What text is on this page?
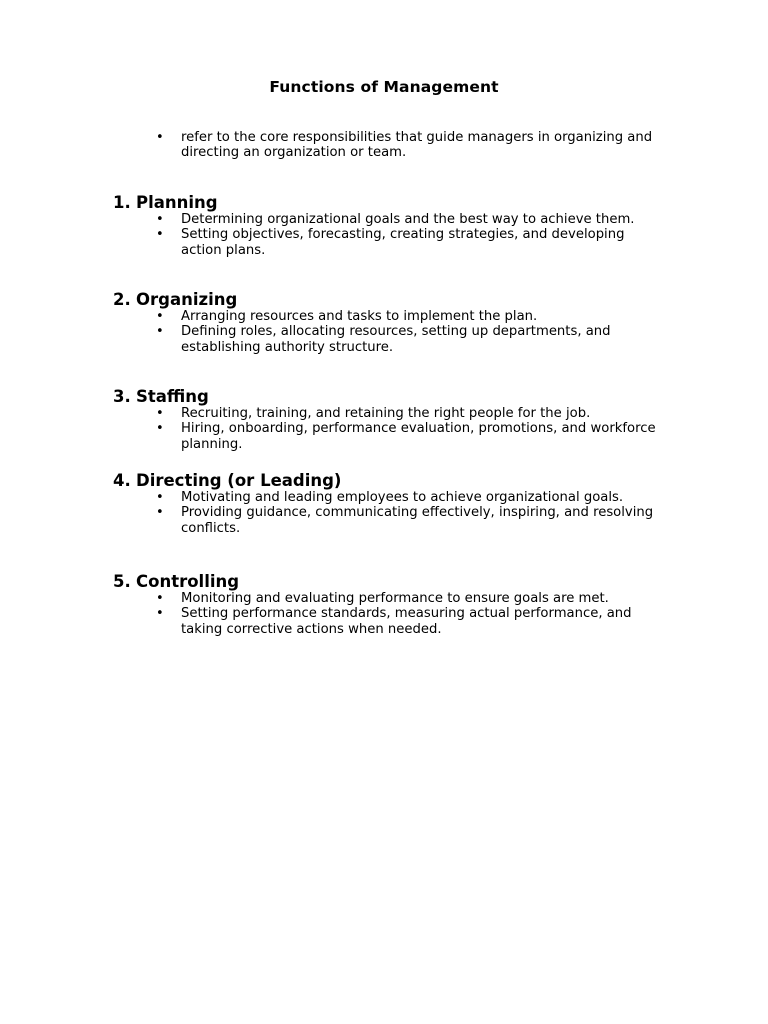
Functions of Management
• refer to the core responsibilities that guide managers in organizing and
directing an organization or team.
1. Planning
• Determining organizational goals and the best way to achieve them.
• Setting objectives, forecasting, creating strategies, and developing
action plans.
2. Organizing
• Arranging resources and tasks to implement the plan.
• Defining roles, allocating resources, setting up departments, and
establishing authority structure.
3. Staffing
• Recruiting, training, and retaining the right people for the job.
• Hiring, onboarding, performance evaluation, promotions, and workforce
planning.
4. Directing (or Leading)
• Motivating and leading employees to achieve organizational goals.
• Providing guidance, communicating effectively, inspiring, and resolving
conflicts.
5. Controlling
• Monitoring and evaluating performance to ensure goals are met.
• Setting performance standards, measuring actual performance, and
taking corrective actions when needed.
